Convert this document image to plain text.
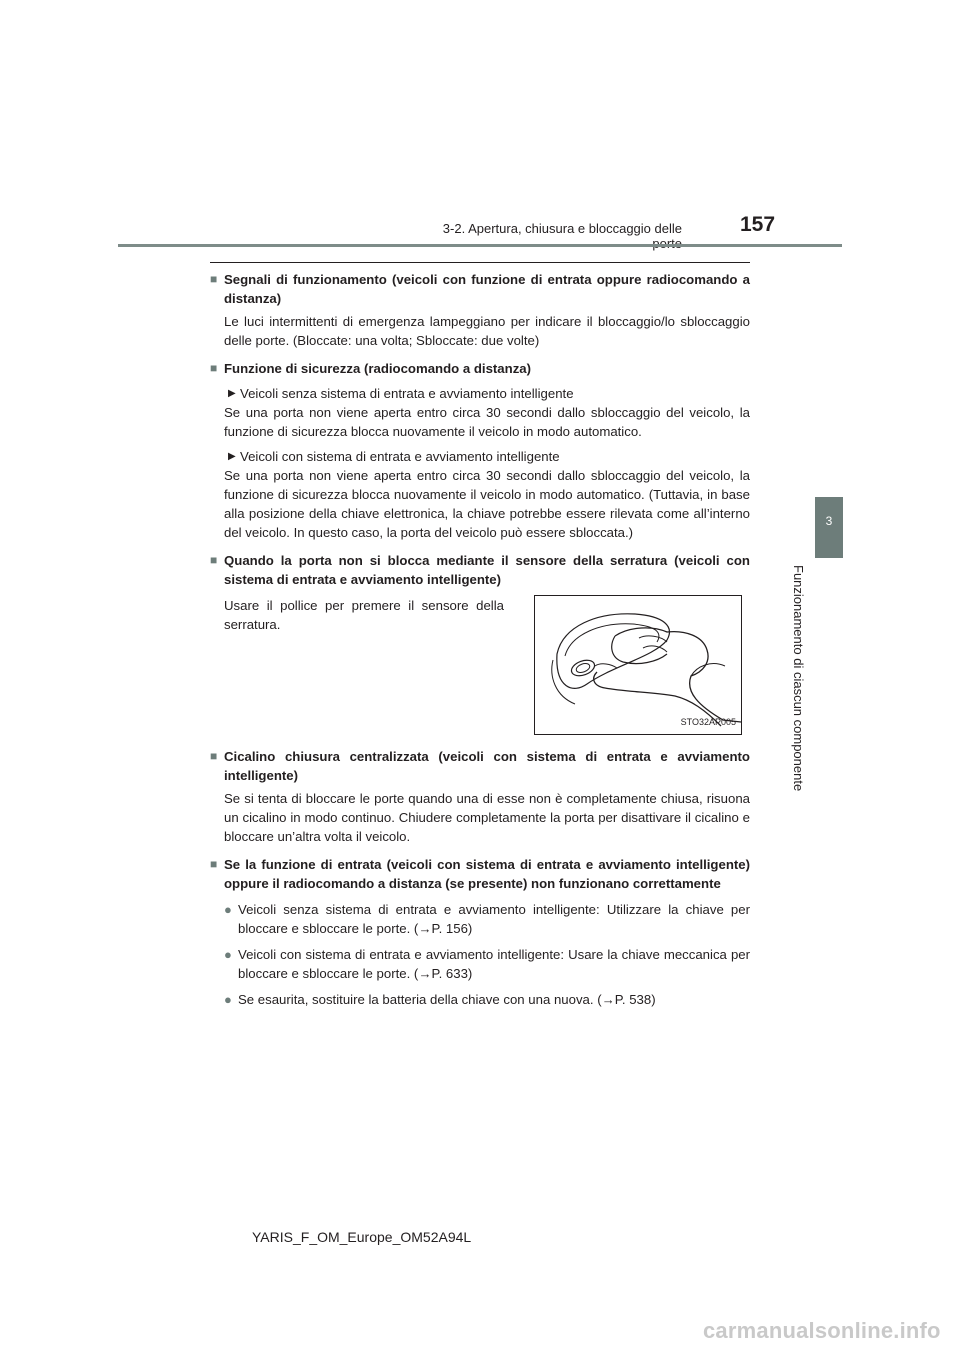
3-2. Apertura, chiusura e bloccaggio delle	157
3
Funzionamento di ciascun componente
■ Segnali di funzionamento (veicoli con funzione di entrata oppure radiocomando a distanza)
Le luci intermittenti di emergenza lampeggiano per indicare il bloccaggio/lo sbloccaggio delle porte. (Bloccate: una volta; Sbloccate: due volte)
■ Funzione di sicurezza (radiocomando a distanza)
▶ Veicoli senza sistema di entrata e avviamento intelligente
Se una porta non viene aperta entro circa 30 secondi dallo sbloccaggio del veicolo, la funzione di sicurezza blocca nuovamente il veicolo in modo automatico.
▶ Veicoli con sistema di entrata e avviamento intelligente
Se una porta non viene aperta entro circa 30 secondi dallo sbloccaggio del veicolo, la funzione di sicurezza blocca nuovamente il veicolo in modo automatico. (Tuttavia, in base alla posizione della chiave elettronica, la chiave potrebbe essere rilevata come all’interno del veicolo. In questo caso, la porta del veicolo può essere sbloccata.)
■ Quando la porta non si blocca mediante il sensore della serratura (veicoli con sistema di entrata e avviamento intelligente)
Usare il pollice per premere il sensore della serratura.
STO32AP005
■ Cicalino chiusura centralizzata (veicoli con sistema di entrata e avviamento intelligente)
Se si tenta di bloccare le porte quando una di esse non è completamente chiusa, risuona un cicalino in modo continuo. Chiudere completamente la porta per disattivare il cicalino e bloccare un’altra volta il veicolo.
■ Se la funzione di entrata (veicoli con sistema di entrata e avviamento intelligente) oppure il radiocomando a distanza (se presente) non funzionano correttamente
● Veicoli senza sistema di entrata e avviamento intelligente: Utilizzare la chiave per bloccare e sbloccare le porte. (→P. 156)
● Veicoli con sistema di entrata e avviamento intelligente: Usare la chiave meccanica per bloccare e sbloccare le porte. (→P. 633)
● Se esaurita, sostituire la batteria della chiave con una nuova. (→P. 538)
YARIS_F_OM_Europe_OM52A94L
carmanualsonline.info
